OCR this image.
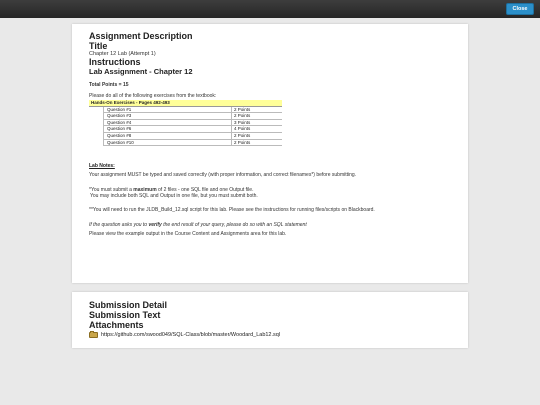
Close
Assignment Description
Title
Chapter 12 Lab (Attempt 1)
Instructions
Lab Assignment - Chapter 12
Total Points = 15
Please do all of the following exercises from the textbook:
Hands-On Exercises - Pages 492-493		
	Question #1	2 Points
	Question #3	2 Points
	Question #4	3 Points
	Question #6	4 Points
	Question #8	2 Points
	Question #10	2 Points
Lab Notes:
Your assignment MUST be typed and saved correctly (with proper information, and correct filenames*) before submitting.
*You must submit a maximum of 2 files - one SQL file and one Output file.
You may include both SQL and Output in one file, but you must submit both.
**You will need to run the JLDB_Build_12.sql script for this lab. Please see the instructions for running files/scripts on Blackboard.
If the question asks you to verify the end result of your query, please do so with an SQL statement
Please view the example output in the Course Content and Assignments area for this lab.
Submission Detail
Submission Text
Attachments
https://github.com/swood049/SQL-Class/blob/master/Woodard_Lab12.sql
